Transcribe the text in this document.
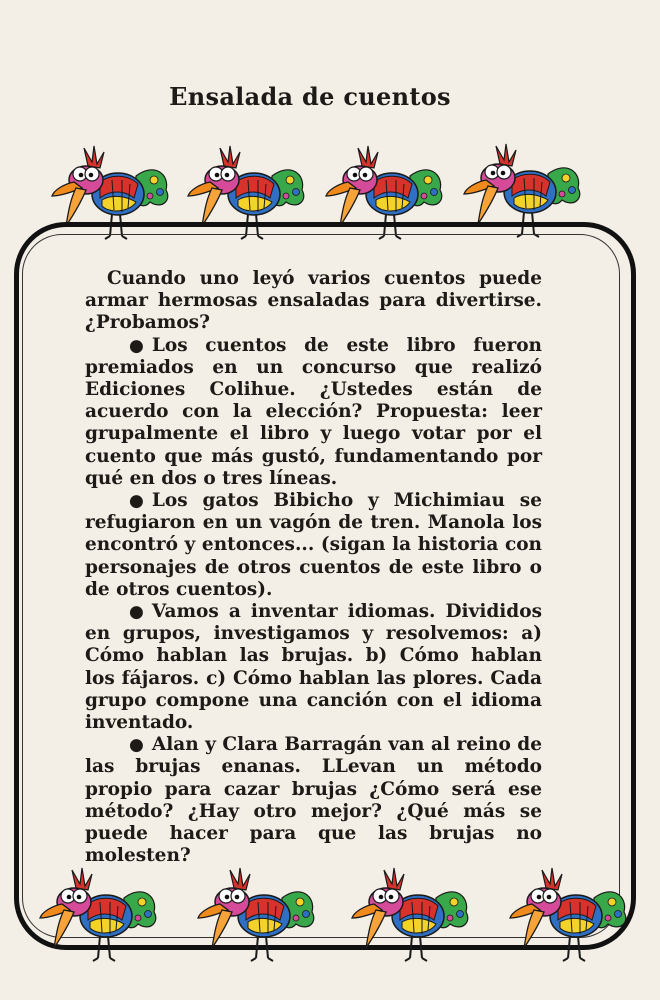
Ensalada de cuentos

Cuando uno leyó varios cuentos puede armar hermosas ensaladas para divertirse. ¿Probamos?

● Los cuentos de este libro fueron premiados en un concurso que realizó Ediciones Colihue. ¿Ustedes están de acuerdo con la elección? Propuesta: leer grupalmente el libro y luego votar por el cuento que más gustó, fundamentando por qué en dos o tres líneas.

● Los gatos Bibicho y Michimiau se refugiaron en un vagón de tren. Manola los encontró y entonces... (sigan la historia con personajes de otros cuentos de este libro o de otros cuentos).

● Vamos a inventar idiomas. Divididos en grupos, investigamos y resolvemos: a) Cómo hablan las brujas. b) Cómo hablan los fájaros. c) Cómo hablan las plores. Cada grupo compone una canción con el idioma inventado.

● Alan y Clara Barragán van al reino de las brujas enanas. LLevan un método propio para cazar brujas ¿Cómo será ese método? ¿Hay otro mejor? ¿Qué más se puede hacer para que las brujas no molesten?
